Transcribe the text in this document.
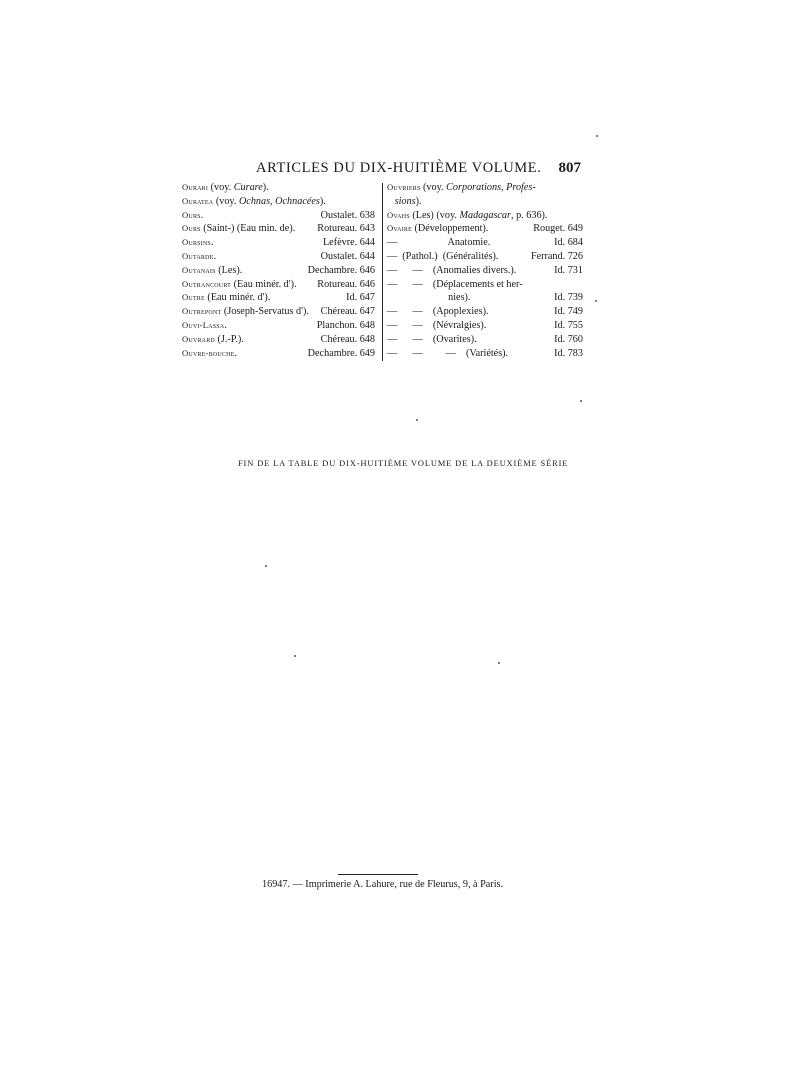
ARTICLES DU DIX-HUITIÈME VOLUME. 807
Ourari (voy. Curare).
Ouratea (voy. Ochnas, Ochnacées).
Ours.	Oustalet. 638
Ours (Saint-) (Eau min. de). Rotureau. 643
Oursins.	Lefèvre. 644
Outarde.	Oustalet. 644
Outanais (Les).	Dechambre. 646
Outrancourt (Eau minér. d'). Rotureau. 646
Outre (Eau minér. d').	Id. 647
Outrepont (Joseph-Servatus d'). Chéreau. 647
Ouvi-Lassa.	Planchon. 648
Ouvrard (J.-P.).	Chéreau. 648
Ouvre-bouche.	Dechambre. 649
Ouvriers (voy. Corporations, Profes-
sions).
Ovahs (Les) (voy. Madagascar, p. 636).
Ovaire (Développement).	Rouget. 649
—                    Anatomie.	Id. 684
—  (Pathol.)  (Généralités).	Ferrand. 726
—      —    (Anomalies divers.).	Id. 731
—      —    (Déplacements et her-
nies).	Id. 739
—      —    (Apoplexies).	Id. 749
—      —    (Névralgies).	Id. 755
—      —    (Ovarites).	Id. 760
—      —         —    (Variétés).	Id. 783
FIN DE LA TABLE DU DIX-HUITIÈME VOLUME DE LA DEUXIÈME SÉRIE
16947. — Imprimerie A. Lahure, rue de Fleurus, 9, à Paris.
